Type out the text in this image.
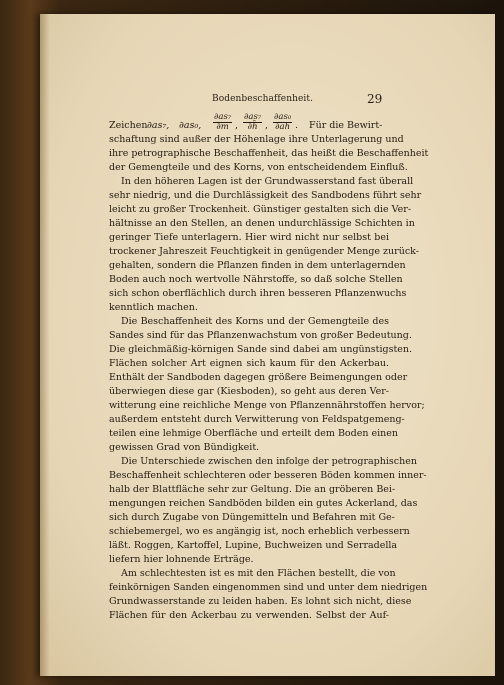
Bodenbeschaffenheit.	29
Zeichen ∂as₇, ∂as₀, $\frac{\text{∂as₇}}{\partial m}$ , $\frac{\text{∂as₇}}{\partial h̄}$ , $\frac{\text{∂as₀}}{\partial ah}$ . Für die Bewirt-
schaftung sind außer der Höhenlage ihre Unterlagerung und
ihre petrographische Beschaffenheit, das heißt die Beschaffenheit
der Gemengteile und des Korns, von entscheidendem Einfluß.
In den höheren Lagen ist der Grundwasserstand fast überall
sehr niedrig, und die Durchlässigkeit des Sandbodens führt sehr
leicht zu großer Trockenheit. Günstiger gestalten sich die Ver-
hältnisse an den Stellen, an denen undurchlässige Schichten in
geringer Tiefe unterlagern. Hier wird nicht nur selbst bei
trockener Jahreszeit Feuchtigkeit in genügender Menge zurück-
gehalten, sondern die Pflanzen finden in dem unterlagernden
Boden auch noch wertvolle Nährstoffe, so daß solche Stellen
sich schon oberflächlich durch ihren besseren Pflanzenwuchs
kenntlich machen.
Die Beschaffenheit des Korns und der Gemengteile des
Sandes sind für das Pflanzenwachstum von großer Bedeutung.
Die gleichmäßig-körnigen Sande sind dabei am ungünstigsten.
Flächen solcher Art eignen sich kaum für den Ackerbau.
Enthält der Sandboden dagegen größere Beimengungen oder
überwiegen diese gar (Kiesboden), so geht aus deren Ver-
witterung eine reichliche Menge von Pflanzennährstoffen hervor;
außerdem entsteht durch Verwitterung von Feldspatgemeng-
teilen eine lehmige Oberfläche und erteilt dem Boden einen
gewissen Grad von Bündigkeit.
Die Unterschiede zwischen den infolge der petrographischen
Beschaffenheit schlechteren oder besseren Böden kommen inner-
halb der Blattfläche sehr zur Geltung. Die an gröberen Bei-
mengungen reichen Sandböden bilden ein gutes Ackerland, das
sich durch Zugabe von Düngemitteln und Befahren mit Ge-
schiebemergel, wo es angängig ist, noch erheblich verbessern
läßt. Roggen, Kartoffel, Lupine, Buchweizen und Serradella
liefern hier lohnende Erträge.
Am schlechtesten ist es mit den Flächen bestellt, die von
feinkörnigen Sanden eingenommen sind und unter dem niedrigen
Grundwasserstande zu leiden haben. Es lohnt sich nicht, diese
Flächen für den Ackerbau zu verwenden. Selbst der Auf-
